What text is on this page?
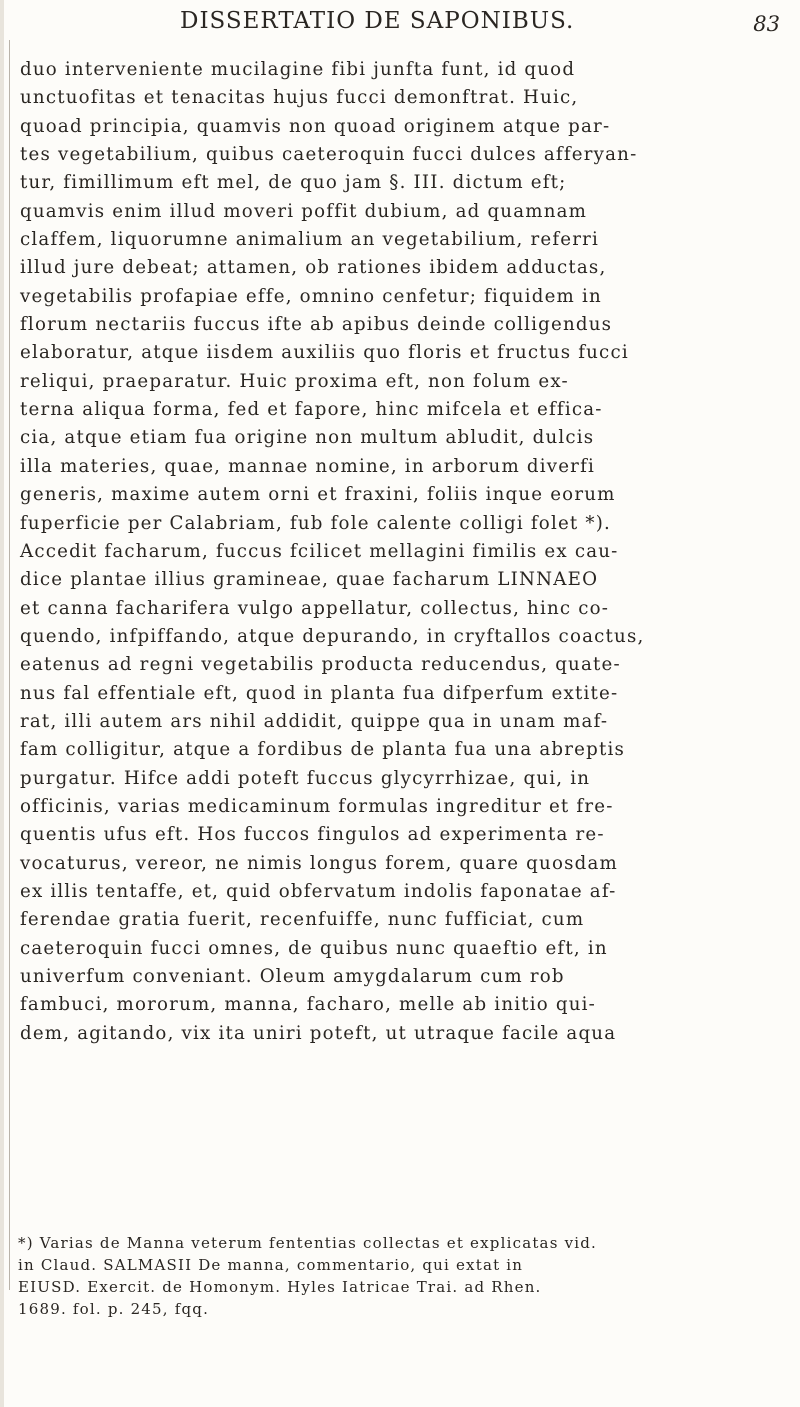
DISSERTATIO DE SAPONIBUS.	83
duo interveniente mucilagine fibi junfta funt, id quod
unctuofitas et tenacitas hujus fucci demonftrat. Huic,
quoad principia, quamvis non quoad originem atque par-
tes vegetabilium, quibus caeteroquin fucci dulces afferyan-
tur, fimillimum eft mel, de quo jam §. III. dictum eft;
quamvis enim illud moveri poffit dubium, ad quamnam
claffem, liquorumne animalium an vegetabilium, referri
illud jure debeat; attamen, ob rationes ibidem adductas,
vegetabilis profapiae effe, omnino cenfetur; fiquidem in
florum nectariis fuccus ifte ab apibus deinde colligendus
elaboratur, atque iisdem auxiliis quo floris et fructus fucci
reliqui, praeparatur. Huic proxima eft, non folum ex-
terna aliqua forma, fed et fapore, hinc mifcela et effica-
cia, atque etiam fua origine non multum abludit, dulcis
illa materies, quae, mannae nomine, in arborum diverfi
generis, maxime autem orni et fraxini, foliis inque eorum
fuperficie per Calabriam, fub fole calente colligi folet *).
Accedit facharum, fuccus fcilicet mellagini fimilis ex cau-
dice plantae illius gramineae, quae facharum LINNAEO
et canna facharifera vulgo appellatur, collectus, hinc co-
quendo, infpiffando, atque depurando, in cryftallos coactus,
eatenus ad regni vegetabilis producta reducendus, quate-
nus fal effentiale eft, quod in planta fua difperfum extite-
rat, illi autem ars nihil addidit, quippe qua in unam maf-
fam colligitur, atque a fordibus de planta fua una abreptis
purgatur. Hifce addi poteft fuccus glycyrrhizae, qui, in
officinis, varias medicaminum formulas ingreditur et fre-
quentis ufus eft. Hos fuccos fingulos ad experimenta re-
vocaturus, vereor, ne nimis longus forem, quare quosdam
ex illis tentaffe, et, quid obfervatum indolis faponatae af-
ferendae gratia fuerit, recenfuiffe, nunc fufficiat, cum
caeteroquin fucci omnes, de quibus nunc quaeftio eft, in
univerfum conveniant. Oleum amygdalarum cum rob
fambuci, mororum, manna, facharo, melle ab initio qui-
dem, agitando, vix ita uniri poteft, ut utraque facile aqua
*) Varias de Manna veterum fententias collectas et explicatas vid.
in Claud. SALMASII De manna, commentario, qui extat in
EIUSD. Exercit. de Homonym. Hyles Iatricae Trai. ad Rhen.
1689. fol. p. 245, fqq.
